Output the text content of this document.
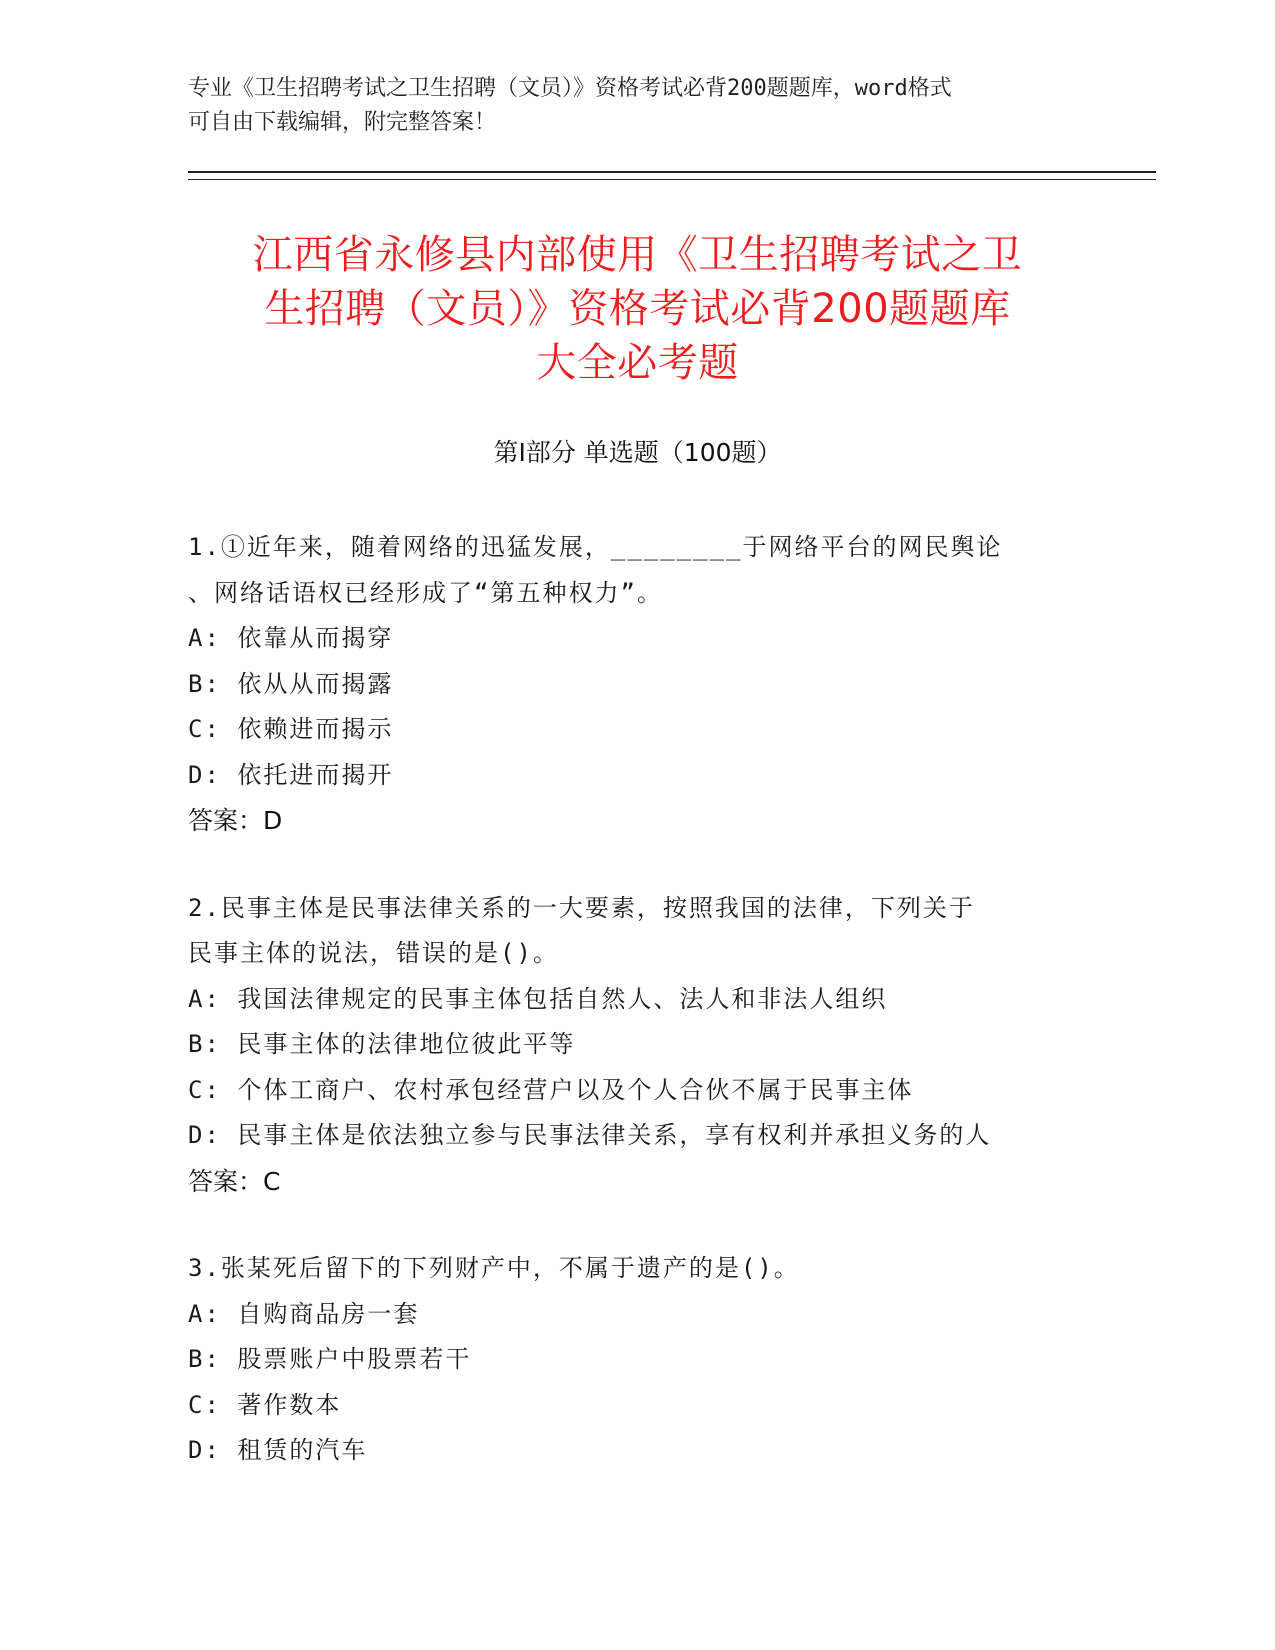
专业《卫生招聘考试之卫生招聘（文员）》资格考试必背200题题库，word格式
可自由下载编辑，附完整答案！
江西省永修县内部使用《卫生招聘考试之卫
生招聘（文员）》资格考试必背200题题库
大全必考题
第Ⅰ部分 单选题（100题）
1.①近年来，随着网络的迅猛发展，________于网络平台的网民舆论
、网络话语权已经形成了“第五种权力”。
A: 依靠从而揭穿
B: 依从从而揭露
C: 依赖进而揭示
D: 依托进而揭开
答案：D
2.民事主体是民事法律关系的一大要素，按照我国的法律，下列关于
民事主体的说法，错误的是()。
A: 我国法律规定的民事主体包括自然人、法人和非法人组织
B: 民事主体的法律地位彼此平等
C: 个体工商户、农村承包经营户以及个人合伙不属于民事主体
D: 民事主体是依法独立参与民事法律关系，享有权利并承担义务的人
答案：C
3.张某死后留下的下列财产中，不属于遗产的是()。
A: 自购商品房一套
B: 股票账户中股票若干
C: 著作数本
D: 租赁的汽车
